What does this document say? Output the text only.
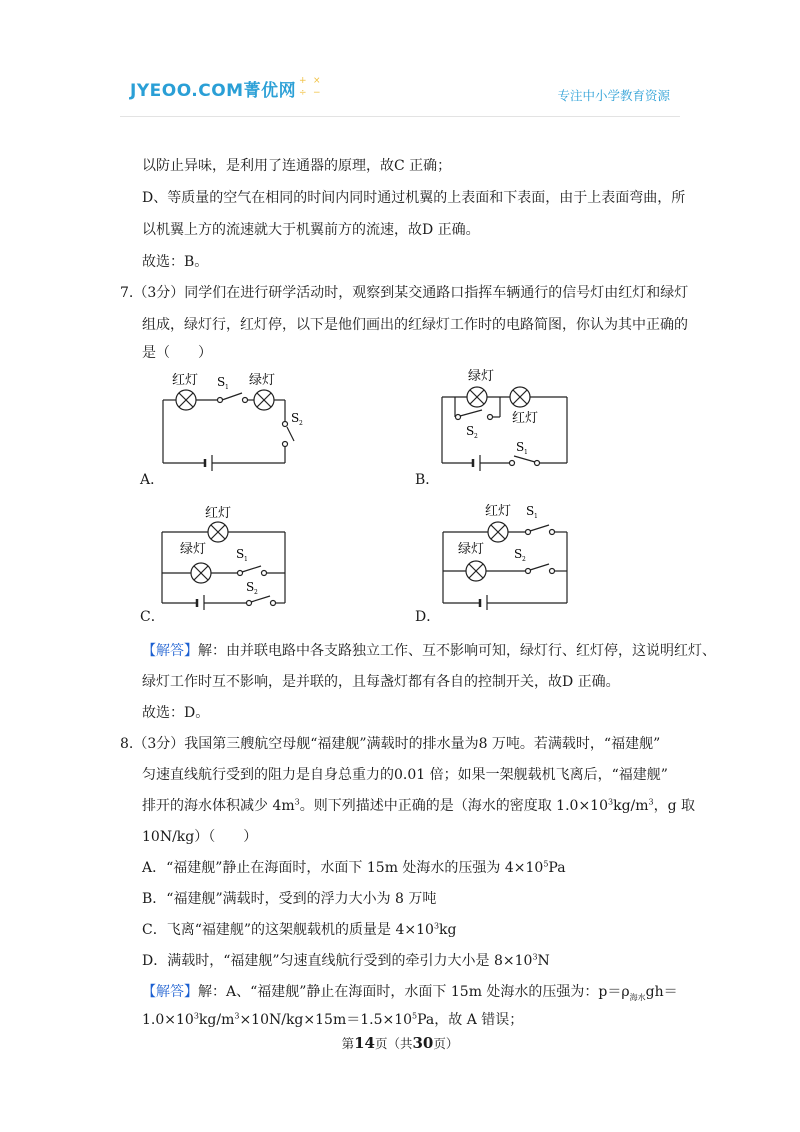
JYEOO.COM菁优网 + ×
÷ −	专注中小学教育资源
以防止异味，是利用了连通器的原理，故C 正确；
D、等质量的空气在相同的时间内同时通过机翼的上表面和下表面，由于上表面弯曲，所
以机翼上方的流速就大于机翼前方的流速，故D 正确。
故选：B。
7.（3分）同学们在进行研学活动时，观察到某交通路口指挥车辆通行的信号灯由红灯和绿灯
组成，绿灯行，红灯停，以下是他们画出的红绿灯工作时的电路简图，你认为其中正确的
是（　　）
红灯	绿灯
S 1
S 2
A．
绿灯
红灯
S 2
S 1
B．
红灯
绿灯 S 1
S 2
C．
红灯
绿灯
S 1
S 2
D．
【解答】解：由并联电路中各支路独立工作、互不影响可知，绿灯行、红灯停，这说明红灯、
绿灯工作时互不影响，是并联的，且每盏灯都有各自的控制开关，故D 正确。
故选：D。
8.（3分）我国第三艘航空母舰“福建舰”满载时的排水量为8 万吨。若满载时，“福建舰”
匀速直线航行受到的阻力是自身总重力的0.01 倍；如果一架舰载机飞离后，“福建舰”
排开的海水体积减少 $4m^3$。则下列描述中正确的是（海水的密度取 $1.0\times 10^3kg/m^3$，g 取
10N/kg）（　　）
A．“福建舰”静止在海面时，水面下 15m 处海水的压强为 $4\times 10^5Pa$
B．“福建舰”满载时，受到的浮力大小为 8 万吨
C．飞离“福建舰”的这架舰载机的质量是 $4\times 10^3kg$
D．满载时，“福建舰”匀速直线航行受到的牵引力大小是 $8\times 10^3N$
【解答】解：A、“福建舰”静止在海面时，水面下 15m 处海水的压强为：$p=\rho_{海水}gh=$
$1.0\times 10^3kg/m^3\times 10N/kg\times 15m=1.5\times 10^5Pa$，故 A 错误；
第14页（共30页）
